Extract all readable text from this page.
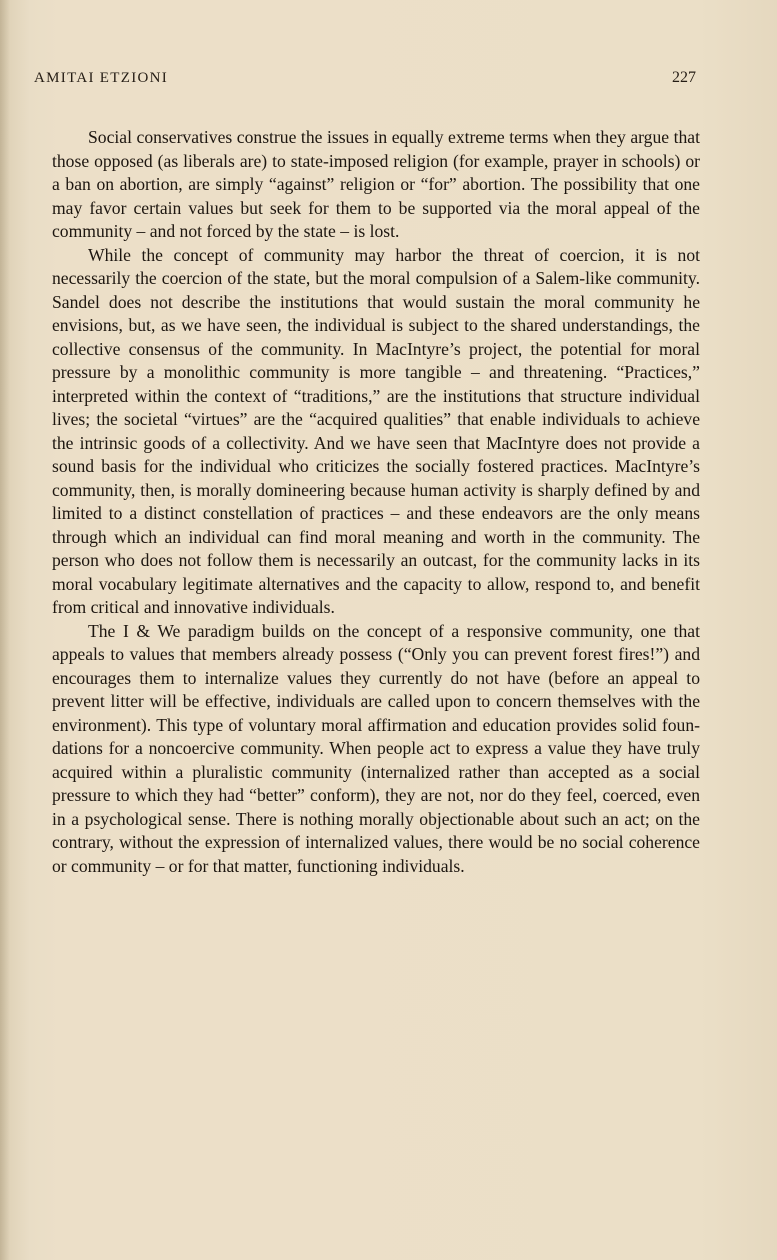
AMITAI ETZIONI	227

Social conservatives construe the issues in equally extreme terms when they argue that those opposed (as liberals are) to state-imposed religion (for example, prayer in schools) or a ban on abortion, are simply “against” religion or “for” abortion. The possibility that one may favor certain values but seek for them to be supported via the moral appeal of the community – and not forced by the state – is lost.

While the concept of community may harbor the threat of coercion, it is not necessarily the coercion of the state, but the moral compulsion of a Salem-like community. Sandel does not describe the institutions that would sustain the moral community he envisions, but, as we have seen, the individual is subject to the shared understandings, the collective consensus of the community. In MacIntyre’s project, the potential for moral pressure by a monolithic community is more tangible – and threatening. “Practices,” interpreted within the context of “traditions,” are the institutions that structure individual lives; the societal “virtues” are the “acquired qualities” that enable individuals to achieve the intrinsic goods of a collectivity. And we have seen that MacIntyre does not provide a sound basis for the individual who criticizes the socially fostered practices. MacIntyre’s community, then, is morally domineering because human activity is sharply defined by and limited to a distinct constellation of practices – and these endeavors are the only means through which an individual can find moral meaning and worth in the community. The person who does not follow them is necessarily an outcast, for the community lacks in its moral vocabulary legitimate alternatives and the capacity to allow, respond to, and benefit from critical and innovative individuals.

The I & We paradigm builds on the concept of a responsive community, one that appeals to values that members already possess (“Only you can prevent forest fires!”) and encourages them to internalize values they currently do not have (before an appeal to prevent litter will be effective, individuals are called upon to concern themselves with the environment). This type of voluntary moral affirmation and education provides solid foundations for a noncoercive community. When people act to express a value they have truly acquired within a pluralistic community (internalized rather than accepted as a social pressure to which they had “better” conform), they are not, nor do they feel, coerced, even in a psychological sense. There is nothing morally objectionable about such an act; on the contrary, without the expression of internalized values, there would be no social coherence or community – or for that matter, functioning individuals.
